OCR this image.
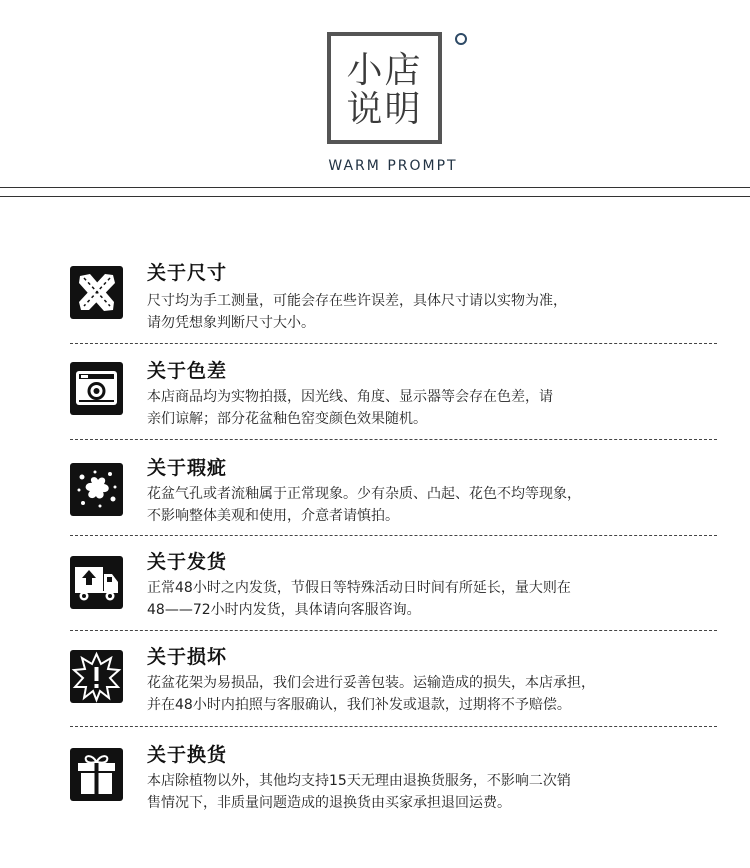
小店
说明
WARM PROMPT
关于尺寸
尺寸均为手工测量，可能会存在些许误差，具体尺寸请以实物为准，
请勿凭想象判断尺寸大小。
关于色差
本店商品均为实物拍摄，因光线、角度、显示器等会存在色差，请
亲们谅解；部分花盆釉色窑变颜色效果随机。
关于瑕疵
花盆气孔或者流釉属于正常现象。少有杂质、凸起、花色不均等现象，
不影响整体美观和使用，介意者请慎拍。
关于发货
正常48小时之内发货，节假日等特殊活动日时间有所延长，量大则在
48——72小时内发货，具体请向客服咨询。
关于损坏
花盆花架为易损品，我们会进行妥善包装。运输造成的损失，本店承担，
并在48小时内拍照与客服确认，我们补发或退款，过期将不予赔偿。
关于换货
本店除植物以外，其他均支持15天无理由退换货服务，不影响二次销
售情况下，非质量问题造成的退换货由买家承担退回运费。
